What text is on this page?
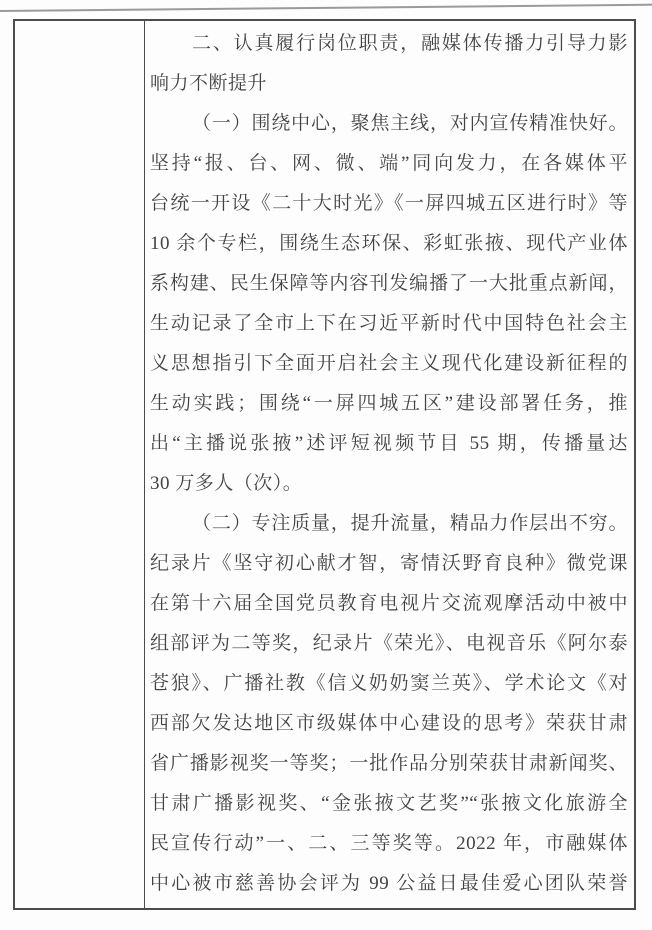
二、认真履行岗位职责，融媒体传播力引导力影
响力不断提升
（一）围绕中心，聚焦主线，对内宣传精准快好。
坚持“报、台、网、微、端”同向发力，在各媒体平
台统一开设《二十大时光》《一屏四城五区进行时》等
10 余个专栏，围绕生态环保、彩虹张掖、现代产业体
系构建、民生保障等内容刊发编播了一大批重点新闻，
生动记录了全市上下在习近平新时代中国特色社会主
义思想指引下全面开启社会主义现代化建设新征程的
生动实践；围绕“一屏四城五区”建设部署任务，推
出“主播说张掖”述评短视频节目 55 期，传播量达
30 万多人（次）。
（二）专注质量，提升流量，精品力作层出不穷。
纪录片《坚守初心献才智，寄情沃野育良种》微党课
在第十六届全国党员教育电视片交流观摩活动中被中
组部评为二等奖，纪录片《荣光》、电视音乐《阿尔泰
苍狼》、广播社教《信义奶奶窦兰英》、学术论文《对
西部欠发达地区市级媒体中心建设的思考》荣获甘肃
省广播影视奖一等奖；一批作品分别荣获甘肃新闻奖、
甘肃广播影视奖、“金张掖文艺奖”“张掖文化旅游全
民宣传行动”一、二、三等奖等。2022 年，市融媒体
中心被市慈善协会评为 99 公益日最佳爱心团队荣誉
